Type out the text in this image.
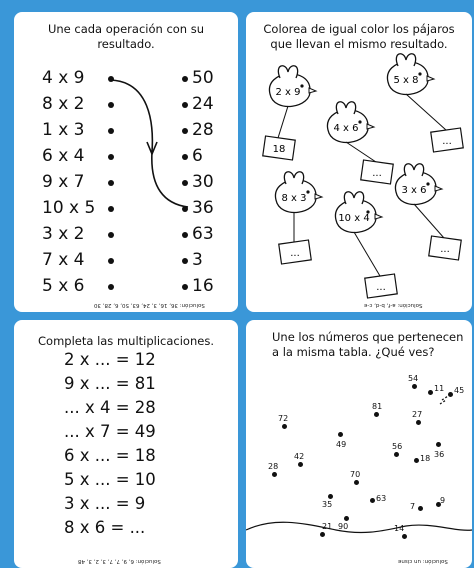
Une cada operación con su resultado.
4 x 9
8 x 2
1 x 3
6 x 4
9 x 7
10 x 5
3 x 2
7 x 4
5 x 6
50
24
28
6
30
36
63
3
16
Solución: 36, 16, 3, 24, 63, 50, 6, 28, 30
Colorea de igual color los pájaros que llevan el mismo resultado.
2 x 9
18
5 x 8
...
4 x 6
...
8 x 3
...
3 x 6
...
10 x 4
...
Solución: a-f, b-d, c-e
Completa las multiplicaciones.
2 x ... = 12
9 x ... = 81
... x 4 = 28
... x 7 = 49
6 x ... = 18
5 x ... = 10
3 x ... = 9
8 x 6 = ...
Solución: 6, 9, 7, 7, 3, 2, 3, 48
Une los números que pertenecen a la misma tabla. ¿Qué ves?
54
11 45
81
27
72
49
36
56
18
42
28
70
35
63
90
7
9
21	14
Solución: un cisne
